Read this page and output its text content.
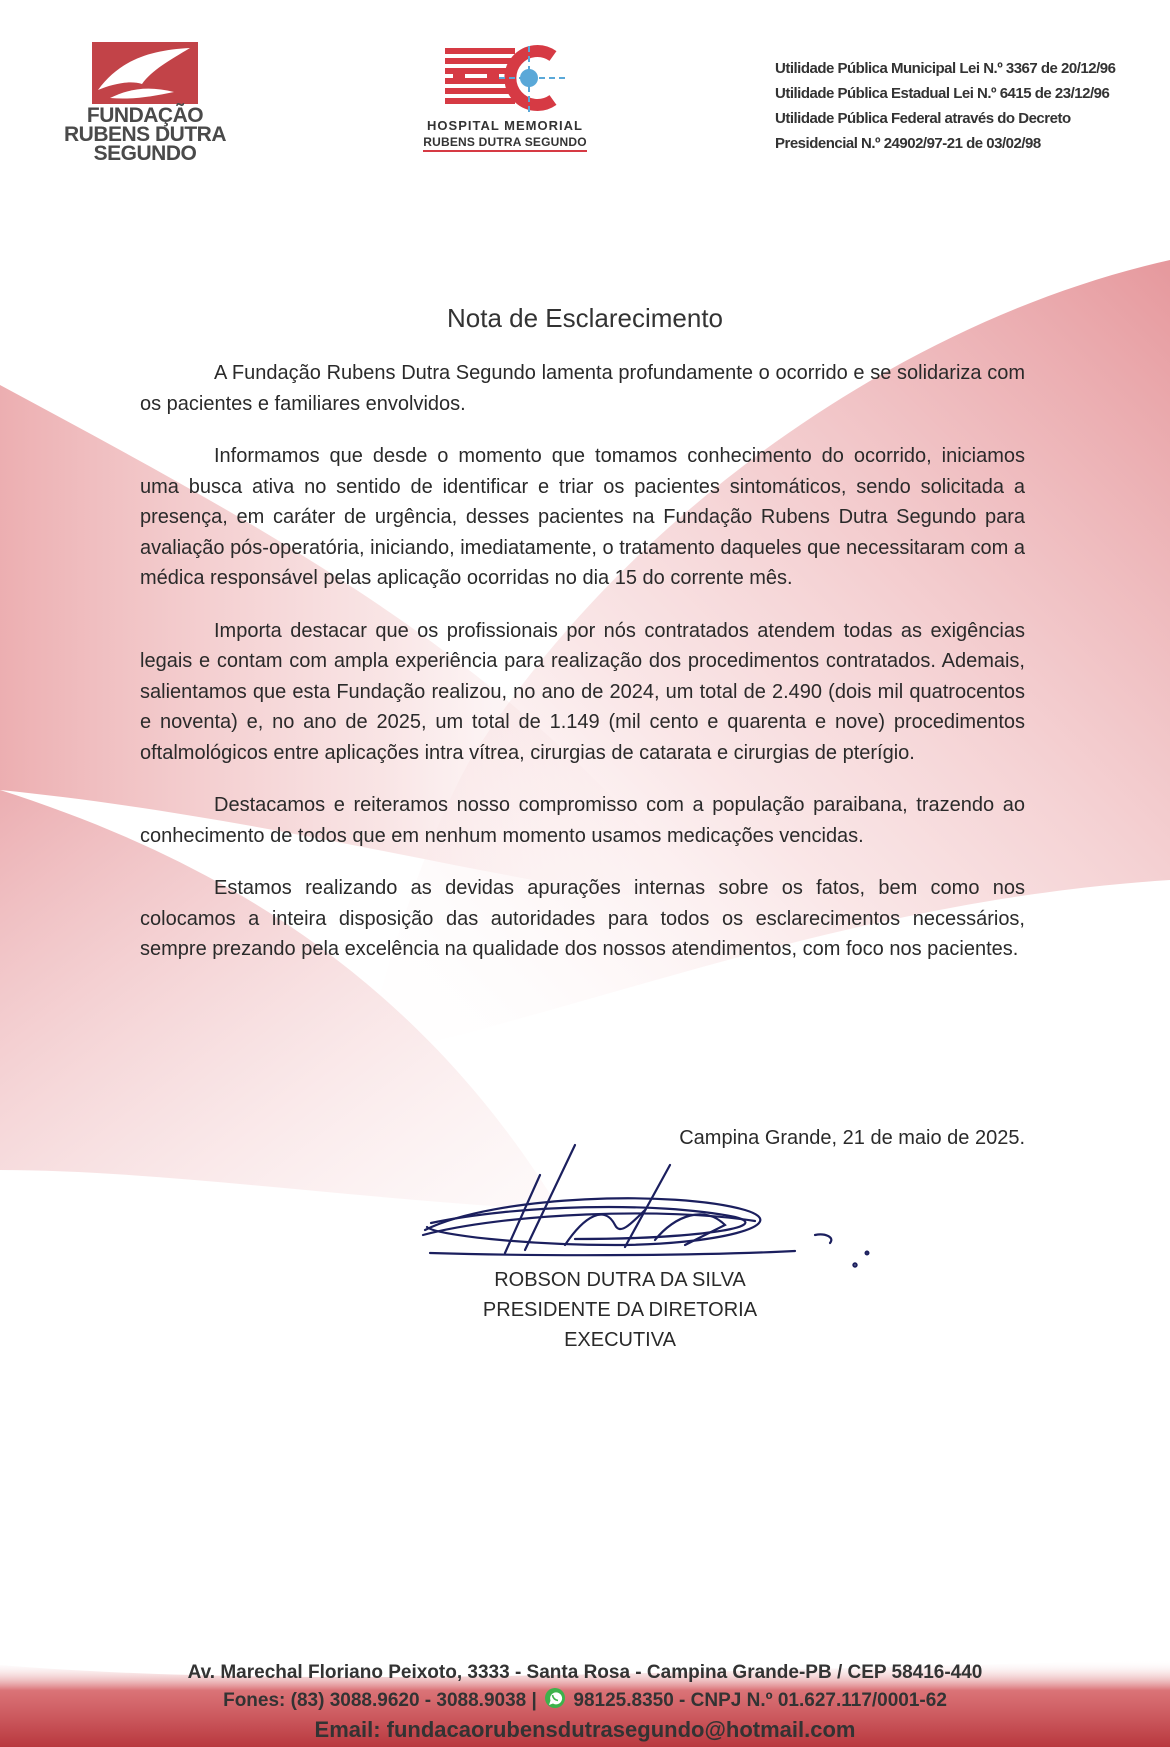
FUNDAÇÃO
RUBENS DUTRA
SEGUNDO
HOSPITAL MEMORIAL
RUBENS DUTRA SEGUNDO
Utilidade Pública Municipal Lei N.º 3367 de 20/12/96
Utilidade Pública Estadual Lei N.º 6415 de 23/12/96
Utilidade Pública Federal através do Decreto
Presidencial N.º 24902/97-21 de 03/02/98
Nota de Esclarecimento

A Fundação Rubens Dutra Segundo lamenta profundamente o ocorrido e se solidariza com os pacientes e familiares envolvidos.

Informamos que desde o momento que tomamos conhecimento do ocorrido, iniciamos uma busca ativa no sentido de identificar e triar os pacientes sintomáticos, sendo solicitada a presença, em caráter de urgência, desses pacientes na Fundação Rubens Dutra Segundo para avaliação pós-operatória, iniciando, imediatamente, o tratamento daqueles que necessitaram com a médica responsável pelas aplicação ocorridas no dia 15 do corrente mês.

Importa destacar que os profissionais por nós contratados atendem todas as exigências legais e contam com ampla experiência para realização dos procedimentos contratados. Ademais, salientamos que esta Fundação realizou, no ano de 2024, um total de 2.490 (dois mil quatrocentos e noventa) e, no ano de 2025, um total de 1.149 (mil cento e quarenta e nove) procedimentos oftalmológicos entre aplicações intra vítrea, cirurgias de catarata e cirurgias de pterígio.

Destacamos e reiteramos nosso compromisso com a população paraibana, trazendo ao conhecimento de todos que em nenhum momento usamos medicações vencidas.

Estamos realizando as devidas apurações internas sobre os fatos, bem como nos colocamos a inteira disposição das autoridades para todos os esclarecimentos necessários, sempre prezando pela excelência na qualidade dos nossos atendimentos, com foco nos pacientes.

Campina Grande, 21 de maio de 2025.
ROBSON DUTRA DA SILVA
PRESIDENTE DA DIRETORIA EXECUTIVA
Av. Marechal Floriano Peixoto, 3333 - Santa Rosa - Campina Grande-PB / CEP 58416-440
Fones: (83) 3088.9620 - 3088.9038 | 98125.8350 - CNPJ N.º 01.627.117/0001-62
Email: fundacaorubensdutrasegundo@hotmail.com
